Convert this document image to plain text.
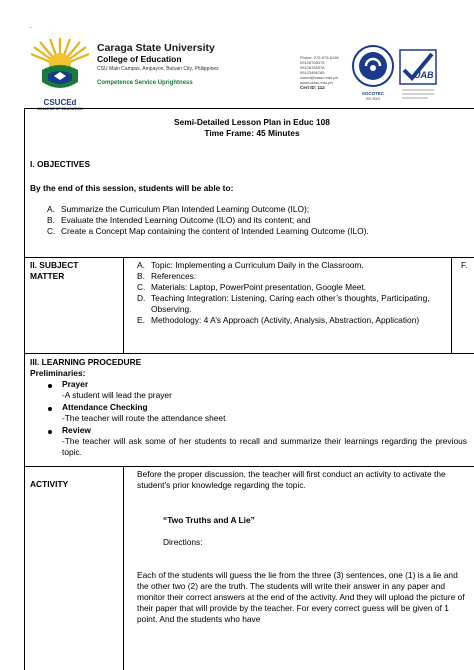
.
CSUCEd
COLLEGE OF EDUCATION
Caraga State University
College of Education
CSU Main Campus, Ampayon, Butuan City, Philippines
Competence Service Uprightness
Phone: 075-575-6196
09128765376
09128765378
09123456789
csued@carsu.edu.ph
www.carsu.edu.ph
Cert ID: 112
SOCOTEC
ISO 9001
UAB
Semi-Detailed Lesson Plan in Educ 108
Time Frame: 45 Minutes
I. OBJECTIVES
By the end of this session, students will be able to:
A. Summarize the Curriculum Plan Intended Learning Outcome (ILO);
B. Evaluate the Intended Learning Outcome (ILO) and its content; and
C. Create a Concept Map containing the content of Intended Learning Outcome (ILO).
II. SUBJECT
MATTER
A. Topic: Implementing a Curriculum Daily in the Classroom.
B. References:
C. Materials: Laptop, PowerPoint presentation, Google Meet.
D. Teaching Integration: Listening, Caring each other’s thoughts, Participating, Observing.
E. Methodology: 4 A’s Approach (Activity, Analysis, Abstraction, Application)
F.
III. LEARNING PROCEDURE
Preliminaries:
Prayer
-A student will lead the prayer
Attendance Checking
-The teacher will route the attendance sheet
Review
-The teacher will ask some of her students to recall and summarize their learnings regarding the previous topic.
ACTIVITY
Before the proper discussion, the teacher will first conduct an activity to activate the student’s prior knowledge regarding the topic.
“Two Truths and A Lie”
Directions:
Each of the students will guess the lie from the three (3) sentences, one (1) is a lie and the other two (2) are the truth. The students will write their answer in any paper and monitor their correct answers at the end of the activity. And they will upload the picture of their paper that will provide by the teacher. For every correct guess will be given of 1 point. And the students who have
